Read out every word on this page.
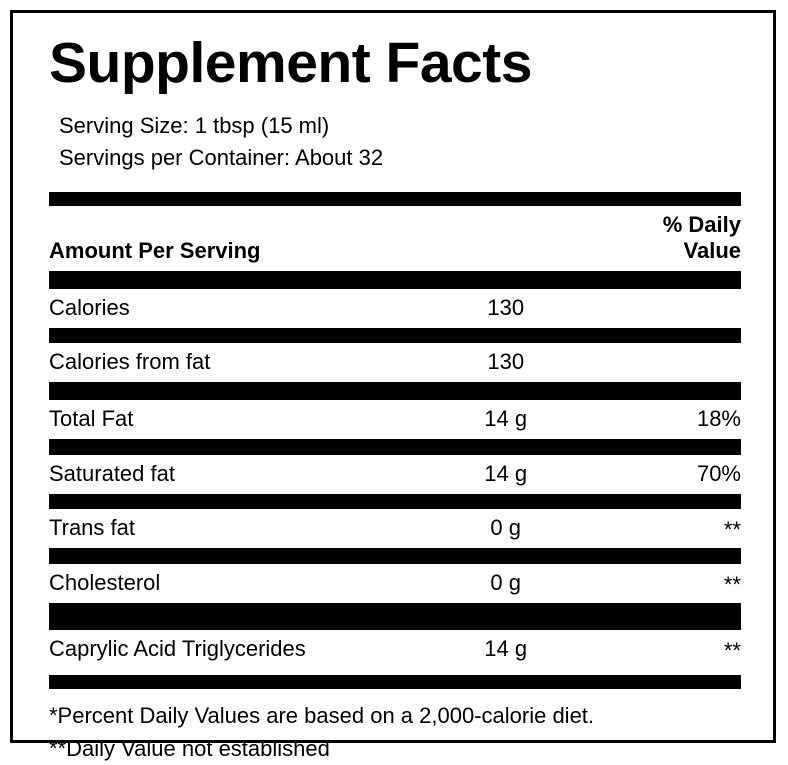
Supplement Facts
Serving Size: 1 tbsp (15 ml)
Servings per Container: About 32
Amount Per Serving		% Daily Value

Calories	130	

Calories from fat	130	

Total Fat	14 g	18%

Saturated fat	14 g	70%

Trans fat	0 g	**

Cholesterol	0 g	**

Caprylic Acid Triglycerides	14 g	**
*Percent Daily Values are based on a 2,000-calorie diet.
**Daily Value not established
